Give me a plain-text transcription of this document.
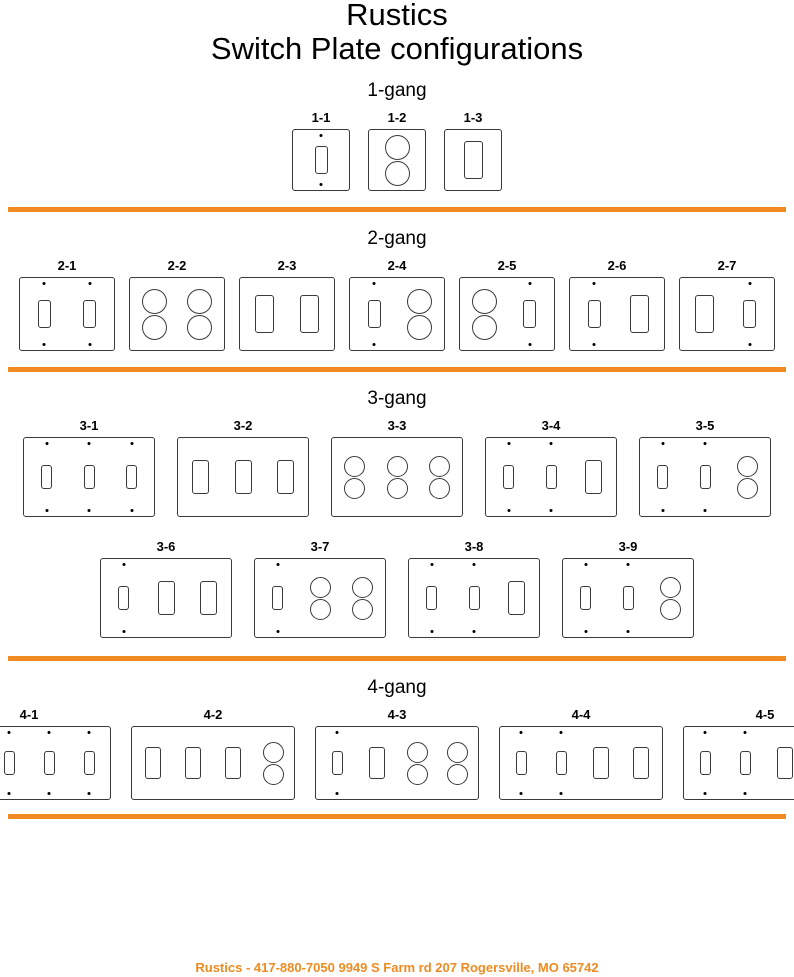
Rustics
Switch Plate configurations
1-gang
1-1	1-2	1-3
2-gang
2-1	2-2	2-3	2-4	2-5	2-6	2-7
3-gang
3-1	3-2	3-3	3-4	3-5
3-6	3-7	3-8	3-9
4-gang
4-1	4-2	4-3	4-4	4-5
Rustics - 417-880-7050 9949 S Farm rd 207 Rogersville, MO 65742
